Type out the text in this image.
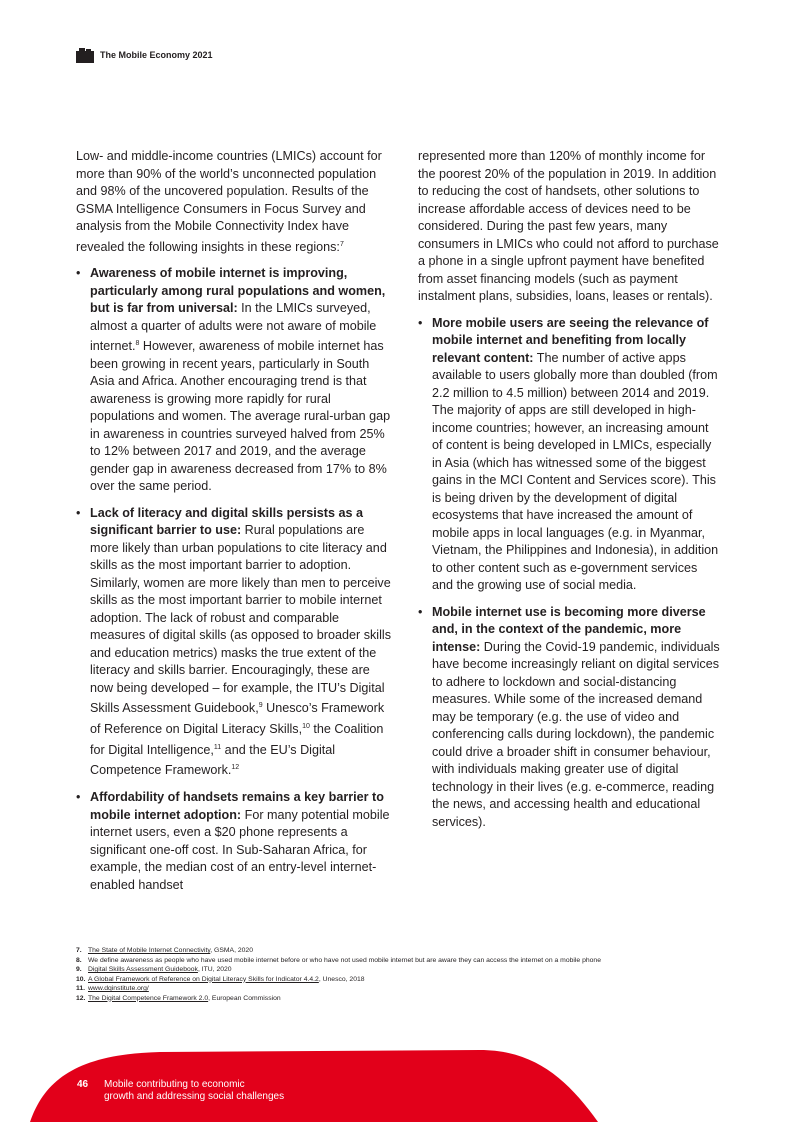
The Mobile Economy 2021

Low- and middle-income countries (LMICs) account for more than 90% of the world’s unconnected population and 98% of the uncovered population. Results of the GSMA Intelligence Consumers in Focus Survey and analysis from the Mobile Connectivity Index have revealed the following insights in these regions:$^7$

• Awareness of mobile internet is improving, particularly among rural populations and women, but is far from universal: In the LMICs surveyed, almost a quarter of adults were not aware of mobile internet.$^8$ However, awareness of mobile internet has been growing in recent years, particularly in South Asia and Africa. Another encouraging trend is that awareness is growing more rapidly for rural populations and women. The average rural-urban gap in awareness in countries surveyed halved from 25% to 12% between 2017 and 2019, and the average gender gap in awareness decreased from 17% to 8% over the same period.
• Lack of literacy and digital skills persists as a significant barrier to use: Rural populations are more likely than urban populations to cite literacy and skills as the most important barrier to adoption. Similarly, women are more likely than men to perceive skills as the most important barrier to mobile internet adoption. The lack of robust and comparable measures of digital skills (as opposed to broader skills and education metrics) masks the true extent of the literacy and skills barrier. Encouragingly, these are now being developed – for example, the ITU’s Digital Skills Assessment Guidebook,$^9$ Unesco’s Framework of Reference on Digital Literacy Skills,$^{10}$ the Coalition for Digital Intelligence,$^{11}$ and the EU’s Digital Competence Framework.$^{12}$
• Affordability of handsets remains a key barrier to mobile internet adoption: For many potential mobile internet users, even a $20 phone represents a significant one-off cost. In Sub-Saharan Africa, for example, the median cost of an entry-level internet-enabled handset

represented more than 120% of monthly income for the poorest 20% of the population in 2019. In addition to reducing the cost of handsets, other solutions to increase affordable access of devices need to be considered. During the past few years, many consumers in LMICs who could not afford to purchase a phone in a single upfront payment have benefited from asset financing models (such as payment instalment plans, subsidies, loans, leases or rentals).

• More mobile users are seeing the relevance of mobile internet and benefiting from locally relevant content: The number of active apps available to users globally more than doubled (from 2.2 million to 4.5 million) between 2014 and 2019. The majority of apps are still developed in high-income countries; however, an increasing amount of content is being developed in LMICs, especially in Asia (which has witnessed some of the biggest gains in the MCI Content and Services score). This is being driven by the development of digital ecosystems that have increased the amount of mobile apps in local languages (e.g. in Myanmar, Vietnam, the Philippines and Indonesia), in addition to other content such as e-government services and the growing use of social media.
• Mobile internet use is becoming more diverse and, in the context of the pandemic, more intense: During the Covid-19 pandemic, individuals have become increasingly reliant on digital services to adhere to lockdown and social-distancing measures. While some of the increased demand may be temporary (e.g. the use of video and conferencing calls during lockdown), the pandemic could drive a broader shift in consumer behaviour, with individuals making greater use of digital technology in their lives (e.g. e-commerce, reading the news, and accessing health and educational services).
7. The State of Mobile Internet Connectivity, GSMA, 2020
8. We define awareness as people who have used mobile internet before or who have not used mobile internet but are aware they can access the internet on a mobile phone
9. Digital Skills Assessment Guidebook, ITU, 2020
10. A Global Framework of Reference on Digital Literacy Skills for Indicator 4.4.2, Unesco, 2018
11. www.dqinstitute.org/
12. The Digital Competence Framework 2.0, European Commission
46 Mobile contributing to economic
growth and addressing social challenges
